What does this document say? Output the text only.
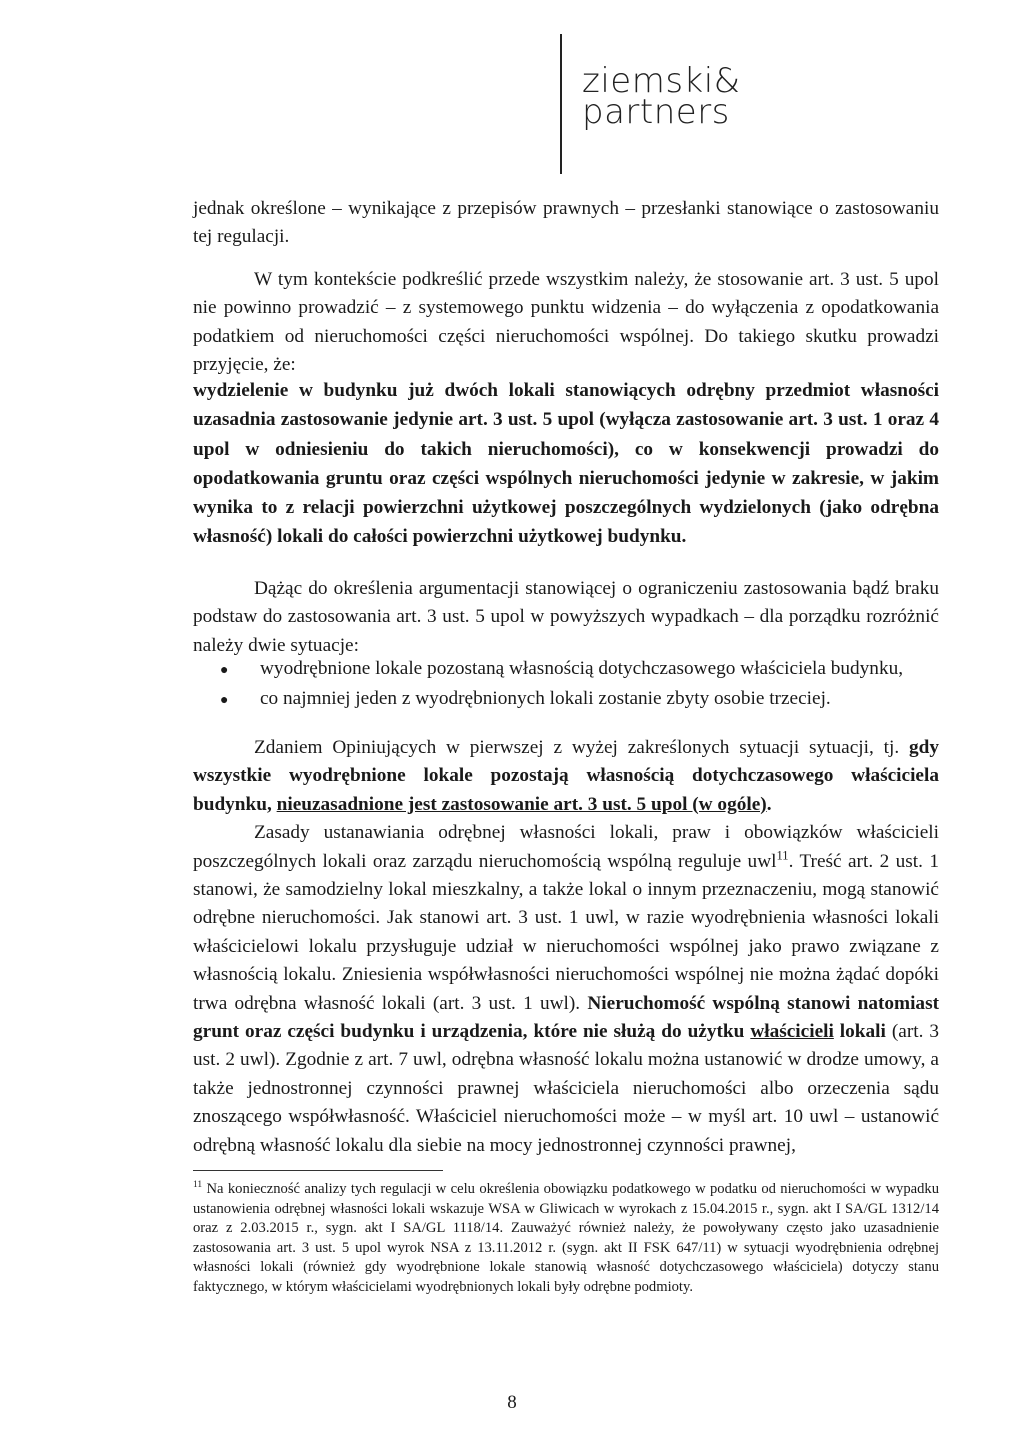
ziemski&
partners

jednak określone – wynikające z przepisów prawnych – przesłanki stanowiące o zastosowaniu tej regulacji.

W tym kontekście podkreślić przede wszystkim należy, że stosowanie art. 3 ust. 5 upol nie powinno prowadzić – z systemowego punktu widzenia – do wyłączenia z opodatkowania podatkiem od nieruchomości części nieruchomości wspólnej. Do takiego skutku prowadzi przyjęcie, że:

wydzielenie w budynku już dwóch lokali stanowiących odrębny przedmiot własności uzasadnia zastosowanie jedynie art. 3 ust. 5 upol (wyłącza zastosowanie art. 3 ust. 1 oraz 4 upol w odniesieniu do takich nieruchomości), co w konsekwencji prowadzi do opodatkowania gruntu oraz części wspólnych nieruchomości jedynie w zakresie, w jakim wynika to z relacji powierzchni użytkowej poszczególnych wydzielonych (jako odrębna własność) lokali do całości powierzchni użytkowej budynku.

Dążąc do określenia argumentacji stanowiącej o ograniczeniu zastosowania bądź braku podstaw do zastosowania art. 3 ust. 5 upol w powyższych wypadkach – dla porządku rozróżnić należy dwie sytuacje:

●	wyodrębnione lokale pozostaną własnością dotychczasowego właściciela budynku,
●	co najmniej jeden z wyodrębnionych lokali zostanie zbyty osobie trzeciej.

Zdaniem Opiniujących w pierwszej z wyżej zakreślonych sytuacji sytuacji, tj. gdy wszystkie wyodrębnione lokale pozostają własnością dotychczasowego właściciela budynku, nieuzasadnione jest zastosowanie art. 3 ust. 5 upol (w ogóle).

Zasady ustanawiania odrębnej własności lokali, praw i obowiązków właścicieli poszczególnych lokali oraz zarządu nieruchomością wspólną reguluje uwl$^{11}$. Treść art. 2 ust. 1 stanowi, że samodzielny lokal mieszkalny, a także lokal o innym przeznaczeniu, mogą stanowić odrębne nieruchomości. Jak stanowi art. 3 ust. 1 uwl, w razie wyodrębnienia własności lokali właścicielowi lokalu przysługuje udział w nieruchomości wspólnej jako prawo związane z własnością lokalu. Zniesienia współwłasności nieruchomości wspólnej nie można żądać dopóki trwa odrębna własność lokali (art. 3 ust. 1 uwl). Nieruchomość wspólną stanowi natomiast grunt oraz części budynku i urządzenia, które nie służą do użytku właścicieli lokali (art. 3 ust. 2 uwl). Zgodnie z art. 7 uwl, odrębna własność lokalu można ustanowić w drodze umowy, a także jednostronnej czynności prawnej właściciela nieruchomości albo orzeczenia sądu znoszącego współwłasność. Właściciel nieruchomości może – w myśl art. 10 uwl – ustanowić odrębną własność lokalu dla siebie na mocy jednostronnej czynności prawnej,

$^{11}$ Na konieczność analizy tych regulacji w celu określenia obowiązku podatkowego w podatku od nieruchomości w wypadku ustanowienia odrębnej własności lokali wskazuje WSA w Gliwicach w wyrokach z 15.04.2015 r., sygn. akt I SA/GL 1312/14 oraz z 2.03.2015 r., sygn. akt I SA/GL 1118/14. Zauważyć również należy, że powoływany często jako uzasadnienie zastosowania art. 3 ust. 5 upol wyrok NSA z 13.11.2012 r. (sygn. akt II FSK 647/11) w sytuacji wyodrębnienia odrębnej własności lokali (również gdy wyodrębnione lokale stanowią własność dotychczasowego właściciela) dotyczy stanu faktycznego, w którym właścicielami wyodrębnionych lokali były odrębne podmioty.

8
